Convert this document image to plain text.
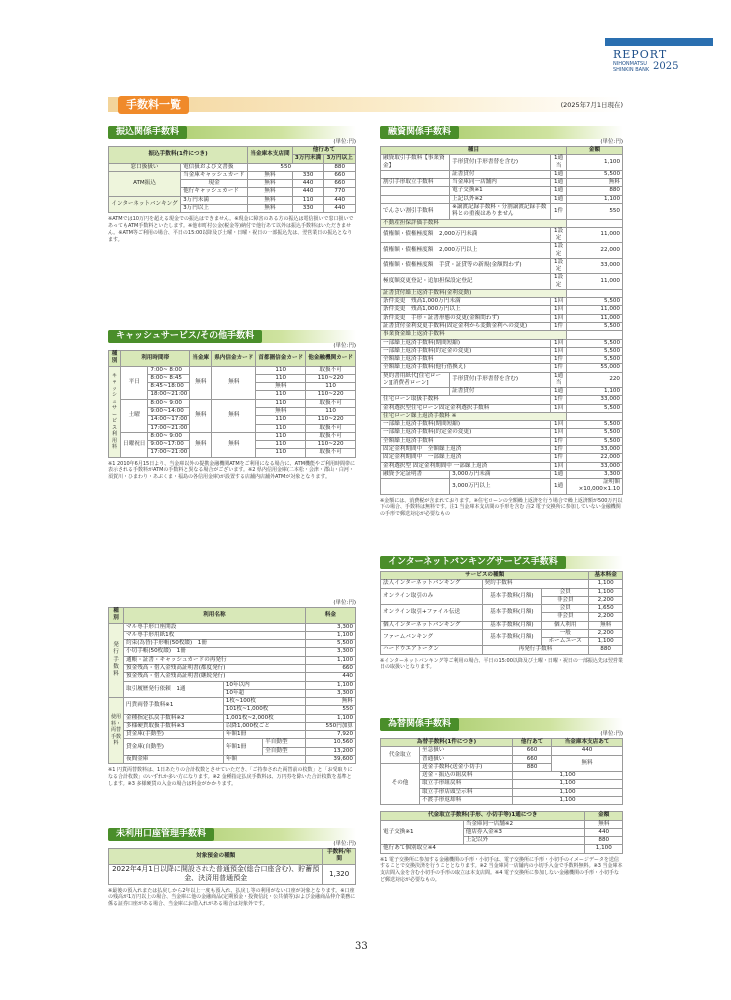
REPORT
NIHONMATSU SHINKIN BANK 2025
手数料一覧	(2025年7月1日現在)
振込関係手数料
(単位:円)
振込手数料(1件につき)		当金庫本支店間	他行あて	
			3万円未満	3万円以上
窓口扱扱い	電信扱および文書扱	550		880
ATM振込	当金庫キャッシュカード	無料	330	660
	現金	無料	440	660
	他行キャッシュカード	無料	440	770
インターネットバンキング	3万円未満	無料	110	440
	3万円以上	無料	330	440
※ATMでは10万円を超える現金での振込はできません。※現金に障害のある方の振込は電信扱いで窓口扱いであってもATM手数料といたします。※他市町村公金(税金等)納付で他行あて以外は振込手数料はいただきません。※ATM等ご利用の場合、平日の15:00以降及び土曜・日曜・祝日の一部振込先は、翌営業日の振込となります。
キャッシュサービス/その他手数料
(単位:円)
種別	利用時間帯		当金庫	県内信金カード	首都圏信金カード	他金融機関カード
キャッシュサービス利用料	平日	7:00~ 8:00	無料	無料	110	取扱不可
		8:00~ 8:45			110	110~220
		8:45~18:00			無料	110
		18:00~21:00			110	110~220
	土曜	8:00~ 9:00	無料	無料	110	取扱不可
		9:00~14:00			無料	110
		14:00~17:00			110	110~220
		17:00~21:00			110	取扱不可
	日曜祝日	8:00~ 9:00	無料	無料	110	取扱不可
		9:00~17:00			110	110~220
		17:00~21:00			110	取扱不可
※1 2010年6月15日より、当金庫以外の提携金融機関ATMをご利用になる場合に、ATM機能やご利用時間帯に表示される手数料がATMの手数料と異なる場合がございます。※2 県内信用金庫(二本松・会津・郡山・白河・須賀川・ひまわり・あぶくま・福島の各信用金庫)が設置する店舗内店舗外ATMが対象となります。
(単位:円)
種別	利用名称			料金
発行手数料	マル専手形口座開設			3,300
	マル専手形用紙1枚			1,100
	約束(為替)手形帳(50枚綴)　1冊			5,500
	小切手帳(50枚綴)　1冊			3,300
	通帳・証書・キャッシュカードの再発行			1,100
	預金残高・借入金残高証明書(都度発行)			660
	預金残高・借入金残高証明書(継続発行)			440
	取引履歴発行依頼　1通	10年以内		1,100
		10年超		3,300
使用料・両替手数料	円貨両替手数料※1	1枚~100枚		無料
		101枚~1,000枚		550
	金種指定払戻手数料※2	1,001枚~2,000枚		1,100
	多様硬貨取扱手数料※3	以降1,000枚ごと		550円加算
	貸金庫(手動型)	年額1冊		7,920
	貸金庫(自動型)	年額1冊	半自動型	10,560
			全自動型	13,200
	夜間金庫	年額		39,600
※1 円貨両替数料は、1日あたりの合計枚数とさせていただき、「ご持参された両替前の枚数」と「お受取りになる合計枚数」のいずれか多い方になります。※2 金種指定払戻手数料は、万円券を除いた合計枚数を基準とします。※3 多様硬貨の入金の場合は料金がかかります。
未利用口座管理手数料
(単位:円)
対象預金の種類	手数料/年間
2022年4月1日以降に開設された普通預金(総合口座含む)、貯蓄預金、決済用普通預金	1,320
※最後の預入れまたは払戻しから2年以上一度も預入れ、払戻し等の利用がない口座が対象となります。※口座の残高が1万円以上の場合、当金庫に他の金融商品(定期預金・投資信託・公共債等)および金融商品仲介業務に係る証券口座がある場合、当金庫にお借入れがある場合は対象外です。
融資関係手数料
(単位:円)
種目			金額
融資取引手数料【事業資金】	手形貸付(手形書替を含む)	1通当	1,100
	証書貸付	1通	5,500
割引手形取立手数料	当金庫同一店舗内	1通	無料
	電子交換※1	1通	880
	上記以外※2	1通	1,100
でんさい割引手数料	※譲渡記録手数料・分割譲渡記録手数料との重複はありません	1件	550
不動産担保評価手数料			
債権額・債権極度額　2,000万円未満		1設定	11,000
債権額・債権極度額　2,000万円以上		1設定	22,000
債権額・債権極度額　手貸・証貸等の新規(金額問わず)		1設定	33,000
極度額変更登記・追加担保設定登記		1設定	11,000
証書貸付繰上返済手数料(金利変動)			
条件変更　残高1,000万円未満		1回	5,500
条件変更　残高1,000万円以上		1回	11,000
条件変更　手形・証書形態の変更(金額問わず)		1回	11,000
証書貸付金利変更手数料(固定金利から変動金利への変更)		1件	5,500
事業資金繰上返済手数料			
一部繰上返済手数料(期間短縮)		1回	5,500
一部繰上返済手数料(約定金の変更)		1回	5,500
全額繰上返済手数料		1件	5,500
全額繰上返済手数料(他行借換え)		1件	55,000
契約書用紙代[住宅ローン][消費者ローン]	手形貸付(手形書替を含む)	1通当	220
	証書貸付	1通	1,100
住宅ローン取扱手数料		1件	33,000
金利選択型住宅ローン固定金利選択手数料		1回	5,500
住宅ローン繰上返済手数料 ※			
一部繰上返済手数料(期間短縮)		1回	5,500
一部繰上返済手数料(約定金の変更)		1回	5,500
全額繰上返済手数料		1件	5,500
固定金利期間中　全額繰上返済		1件	33,000
固定金利期間中　一部繰上返済		1件	22,000
金利選択型 固定金利期間中 一部繰上返済		1回	33,000
融資予定証明書	3,000万円未満	1通	3,300
	3,000万円以上	1通	証明額×10,000×1.10
※金額には、消費税が含まれております。※住宅ローンの全額繰上返済を行う場合で繰上返済額が500万円以下の場合、手数料は無料です。注1 当金庫本支店間の手形を含む 注2 電子交換所に参加していない金融機関の手形で郵送対応が必要なもの
インターネットバンキングサービス手数料
サービスの種類			基本料金
法人インターネットバンキング	契約手数料		1,100
オンライン取引のみ	基本手数料(月額)	会員	1,100
		非会員	2,200
オンライン取引+ファイル伝送	基本手数料(月額)	会員	1,650
		非会員	2,200
個人インターネットバンキング	基本手数料(月額)	個人利用	無料
ファームバンキング	基本手数料(月額)	一般	2,200
		ホームユース	1,100
ハードウエアトークン	再発行手数料		880
※インターネットバンキング等ご利用の場合、平日の15:00以降及び土曜・日曜・祝日の一部振込先は翌営業日の取扱いとなります。
為替関係手数料
(単位:円)
為替手数料(1件につき)		他行あて	当金庫本支店あて
代金取立	至急扱い	660	440
	普通扱い	660	無料
その他	送金手数料(送金小切手)	880	
	送金・振込の組戻料	1,100	
	取立手形組戻料	1,100	
	取立手形店頭呈示料	1,100	
	不渡手形返却料	1,100	
代金取立手数料(手形、小切手等)1通につき		金額
電子交換※1	当金庫同一店舗※2	無料
	他店券入金※3	440
	上記以外	880
他行あて個別取立※4		1,100
※1 電子交換所に参加する金融機関の手形・小切手は、電子交換所に手形・小切手のイメージデータを送信することで交換決済を行うこととなります。※2 当金庫同一店舗内の小切手入金で手数料無料。※3 当金庫本支店間入金を含む小切手の手形の取立は本支店間。※4 電子交換所に参加しない金融機関の手形・小切手など郵送対応が必要なもの。
33
